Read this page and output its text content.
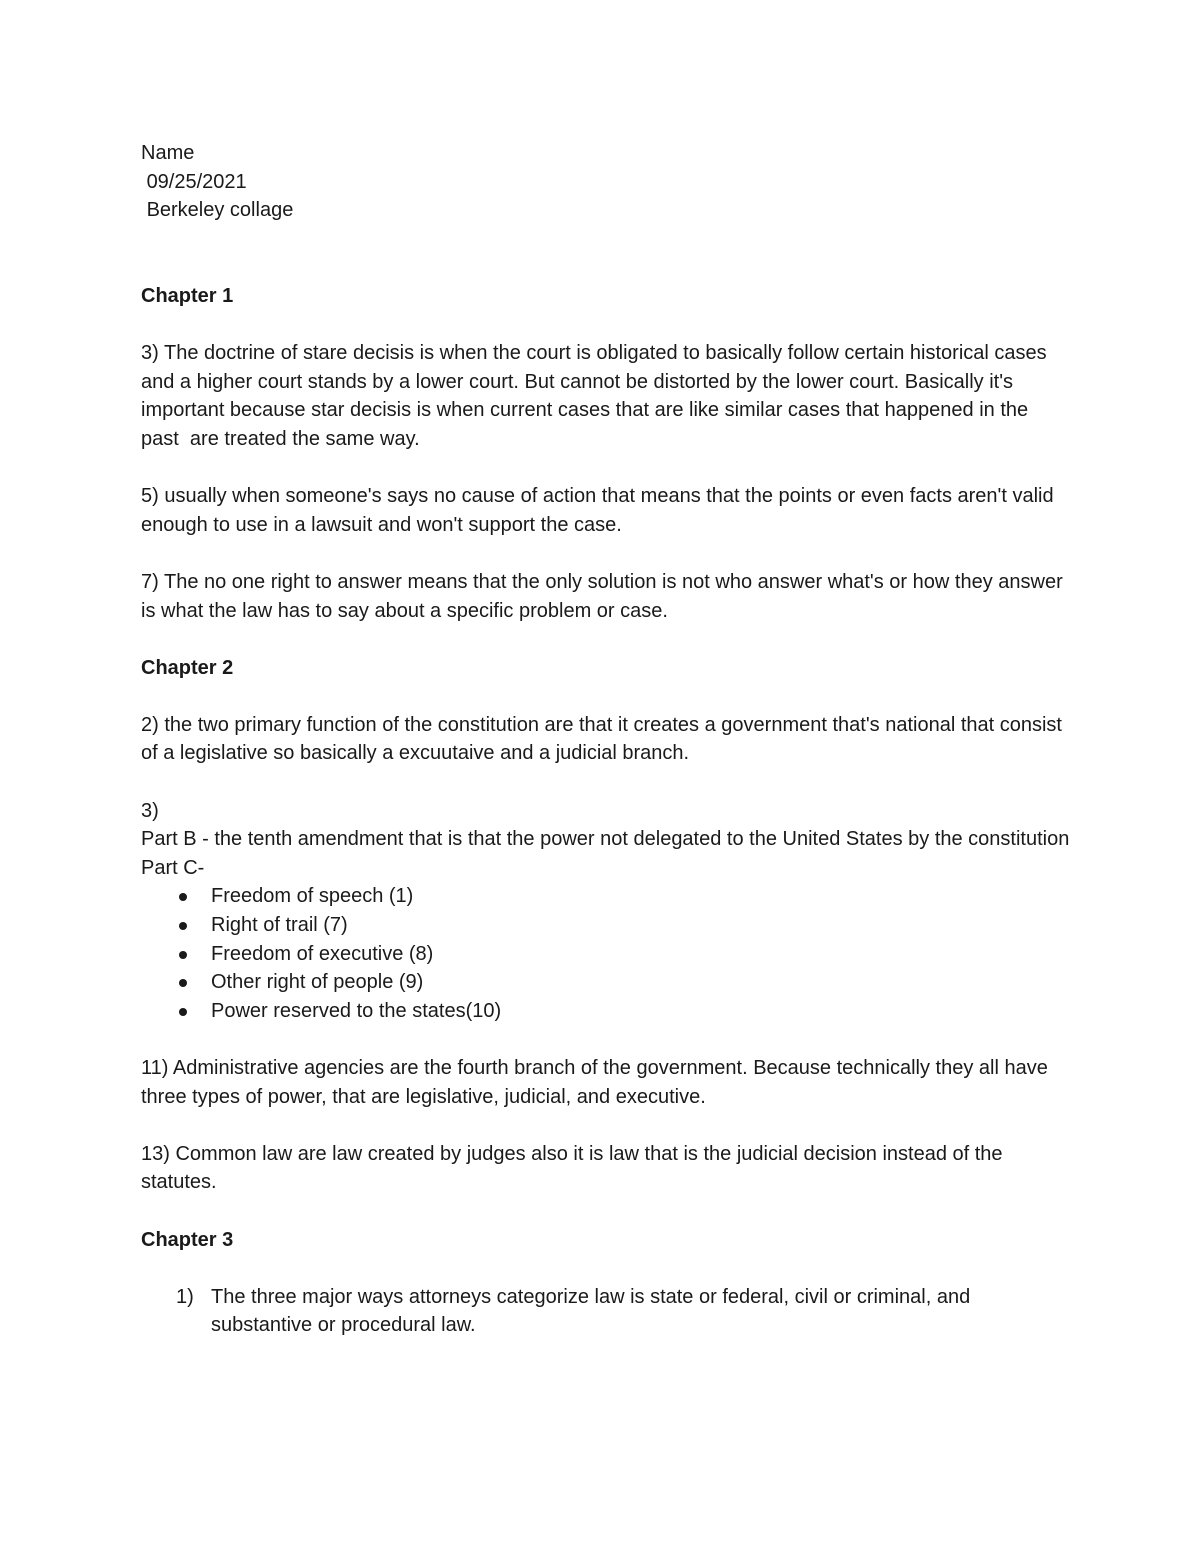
Name

09/25/2021

Berkeley collage

Chapter 1

3) The doctrine of stare decisis is when the court is obligated to basically follow certain historical cases and a higher court stands by a lower court. But cannot be distorted by the lower court. Basically it's important because star decisis is when current cases that are like similar cases that happened in the past  are treated the same way.

5) usually when someone's says no cause of action that means that the points or even facts aren't valid enough to use in a lawsuit and won't support the case.

7) The no one right to answer means that the only solution is not who answer what's or how they answer is what the law has to say about a specific problem or case.

Chapter 2

2) the two primary function of the constitution are that it creates a government that's national that consist of a legislative so basically a excuutaive and a judicial branch.

3)

Part B - the tenth amendment that is that the power not delegated to the United States by the constitution

Part C-

Freedom of speech (1)
Right of trail (7)
Freedom of executive (8)
Other right of people (9)
Power reserved to the states(10)

11) Administrative agencies are the fourth branch of the government. Because technically they all have three types of power, that are legislative, judicial, and executive.

13) Common law are law created by judges also it is law that is the judicial decision instead of the statutes.

Chapter 3

1) The three major ways attorneys categorize law is state or federal, civil or criminal, and substantive or procedural law.
